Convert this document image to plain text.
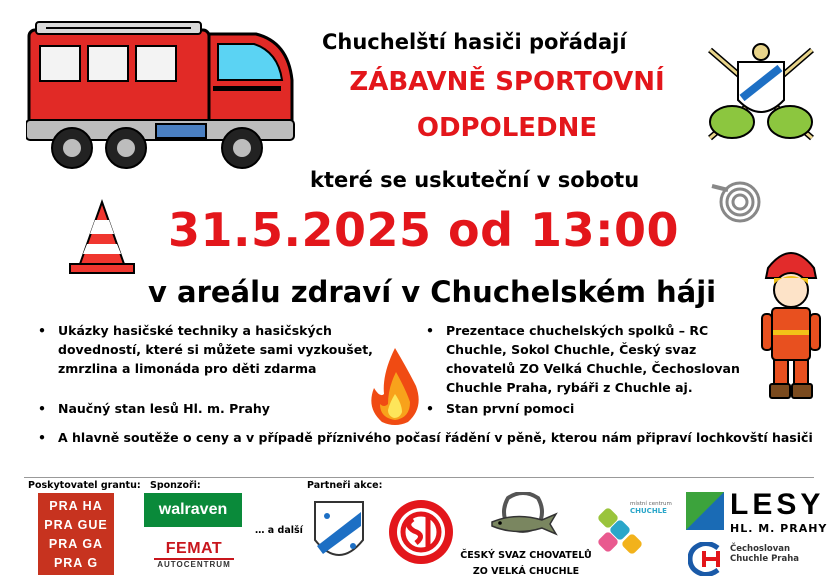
Chuchelští hasiči pořádají
ZÁBAVNĚ SPORTOVNÍ
ODPOLEDNE
které se uskuteční v sobotu
31.5.2025 od 13:00
v areálu zdraví v Chuchelském háji
• Ukázky hasičské techniky a hasičských dovedností, které si můžete sami vyzkoušet, zmrzlina a limonáda pro děti zdarma
• Naučný stan lesů Hl. m. Prahy
• Prezentace chuchelských spolků – RC Chuchle, Sokol Chuchle, Český svaz chovatelů ZO Velká Chuchle, Čechoslovan Chuchle Praha, rybáři z Chuchle aj.
• Stan první pomoci
• A hlavně soutěže o ceny a v případě příznivého počasí řádění v pěně, kterou nám připraví lochkovští hasiči
Poskytovatel grantu: Sponzoři:	Partneři akce:
PRA HA
PRA GUE
PRA GA
PRA G
walraven
FEMAT
AUTOCENTRUM
… a další
ČESKÝ SVAZ CHOVATELŮ
ZO VELKÁ CHUCHLE
místní centrum
CHUCHLE LESY
HL. M. PRAHY
Čechoslovan Chuchle Praha
